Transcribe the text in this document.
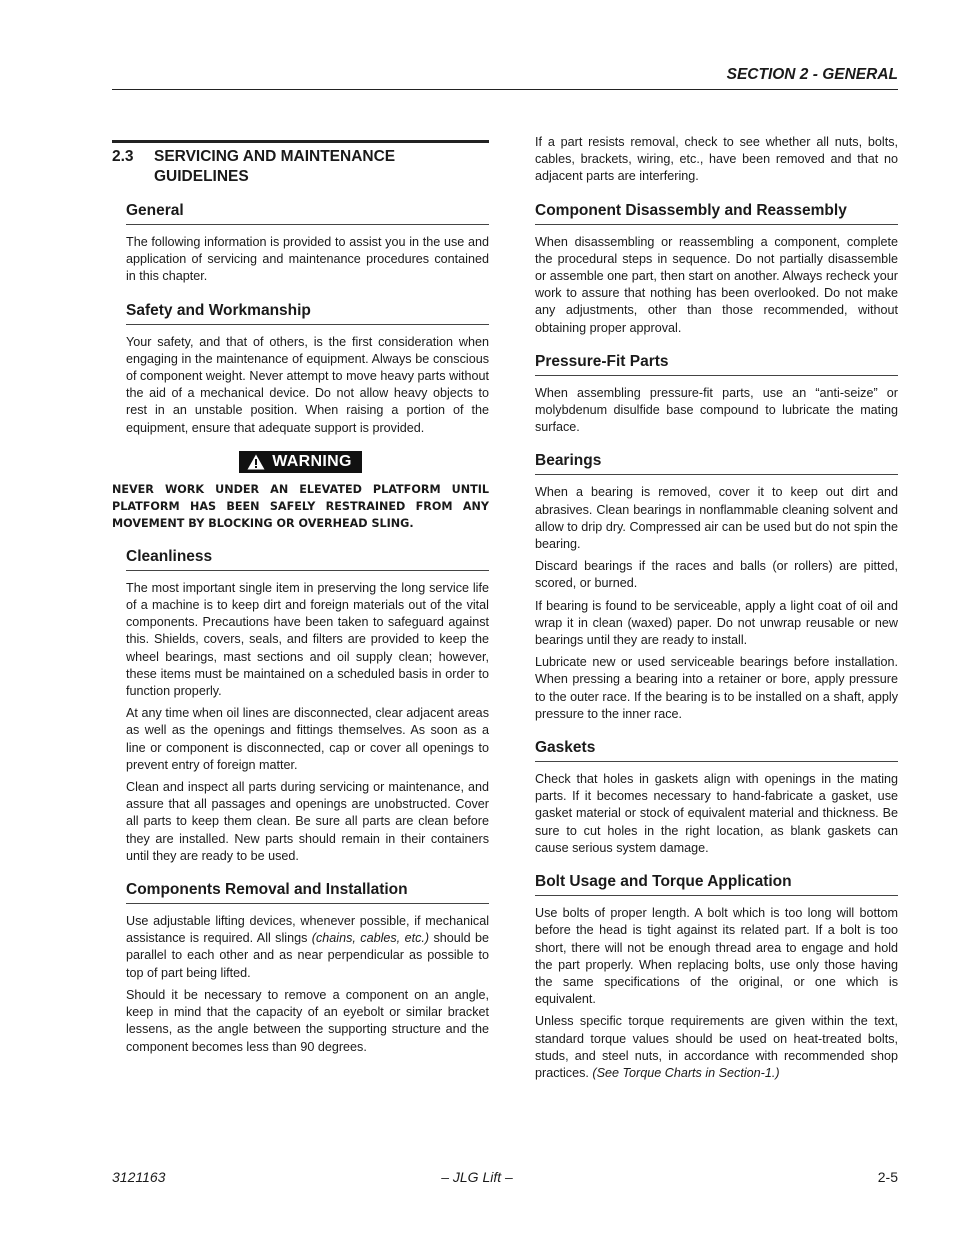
SECTION 2 - GENERAL
2.3	SERVICING AND MAINTENANCE GUIDELINES
General

The following information is provided to assist you in the use and application of servicing and maintenance procedures contained in this chapter.

Safety and Workmanship

Your safety, and that of others, is the first consideration when engaging in the maintenance of equipment. Always be conscious of component weight. Never attempt to move heavy parts without the aid of a mechanical device. Do not allow heavy objects to rest in an unstable position. When raising a portion of the equipment, ensure that adequate support is provided.

WARNING

NEVER WORK UNDER AN ELEVATED PLATFORM UNTIL PLATFORM HAS BEEN SAFELY RESTRAINED FROM ANY MOVEMENT BY BLOCKING OR OVERHEAD SLING.

Cleanliness

The most important single item in preserving the long service life of a machine is to keep dirt and foreign materials out of the vital components. Precautions have been taken to safeguard against this. Shields, covers, seals, and filters are provided to keep the wheel bearings, mast sections and oil supply clean; however, these items must be maintained on a scheduled basis in order to function properly.

At any time when oil lines are disconnected, clear adjacent areas as well as the openings and fittings themselves. As soon as a line or component is disconnected, cap or cover all openings to prevent entry of foreign matter.

Clean and inspect all parts during servicing or maintenance, and assure that all passages and openings are unobstructed. Cover all parts to keep them clean. Be sure all parts are clean before they are installed. New parts should remain in their containers until they are ready to be used.

Components Removal and Installation

Use adjustable lifting devices, whenever possible, if mechanical assistance is required. All slings (chains, cables, etc.) should be parallel to each other and as near perpendicular as possible to top of part being lifted.

Should it be necessary to remove a component on an angle, keep in mind that the capacity of an eyebolt or similar bracket lessens, as the angle between the supporting structure and the component becomes less than 90 degrees.

If a part resists removal, check to see whether all nuts, bolts, cables, brackets, wiring, etc., have been removed and that no adjacent parts are interfering.

Component Disassembly and Reassembly

When disassembling or reassembling a component, complete the procedural steps in sequence. Do not partially disassemble or assemble one part, then start on another. Always recheck your work to assure that nothing has been overlooked. Do not make any adjustments, other than those recommended, without obtaining proper approval.

Pressure-Fit Parts

When assembling pressure-fit parts, use an “anti-seize” or molybdenum disulfide base compound to lubricate the mating surface.

Bearings

When a bearing is removed, cover it to keep out dirt and abrasives. Clean bearings in nonflammable cleaning solvent and allow to drip dry. Compressed air can be used but do not spin the bearing.

Discard bearings if the races and balls (or rollers) are pitted, scored, or burned.

If bearing is found to be serviceable, apply a light coat of oil and wrap it in clean (waxed) paper. Do not unwrap reusable or new bearings until they are ready to install.

Lubricate new or used serviceable bearings before installation. When pressing a bearing into a retainer or bore, apply pressure to the outer race. If the bearing is to be installed on a shaft, apply pressure to the inner race.

Gaskets

Check that holes in gaskets align with openings in the mating parts. If it becomes necessary to hand-fabricate a gasket, use gasket material or stock of equivalent material and thickness. Be sure to cut holes in the right location, as blank gaskets can cause serious system damage.

Bolt Usage and Torque Application

Use bolts of proper length. A bolt which is too long will bottom before the head is tight against its related part. If a bolt is too short, there will not be enough thread area to engage and hold the part properly. When replacing bolts, use only those having the same specifications of the original, or one which is equivalent.

Unless specific torque requirements are given within the text, standard torque values should be used on heat-treated bolts, studs, and steel nuts, in accordance with recommended shop practices. (See Torque Charts in Section-1.)

3121163	– JLG Lift –	2-5
